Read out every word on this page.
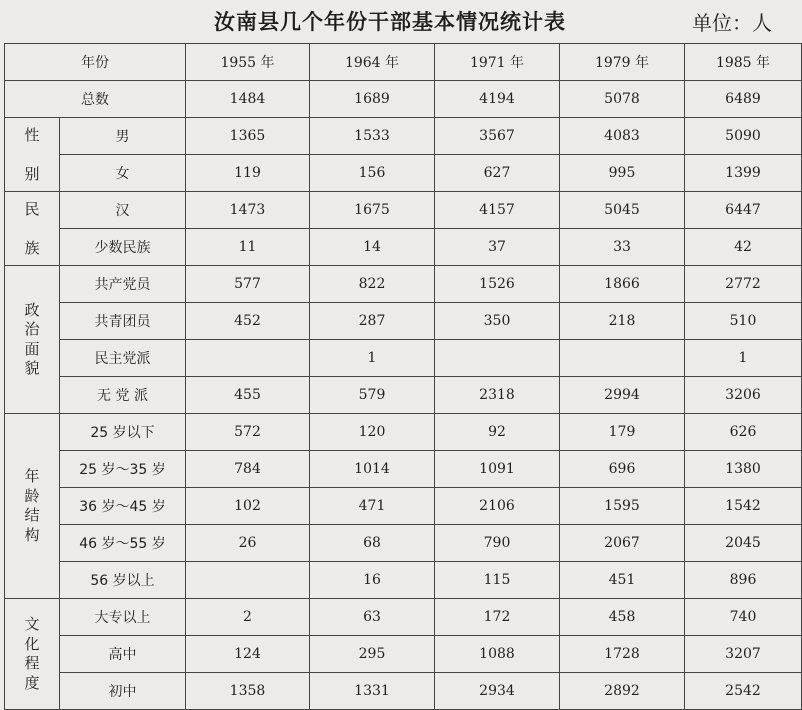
汝南县几个年份干部基本情况统计表	单位：人
年份		1955 年	1964 年	1971 年	1979 年	1985 年
总数		1484	1689	4194	5078	6489

性
别	男	1365	1533	3567	4083	5090
	女	119	156	627	995	1399

民
族	汉	1473	1675	4157	5045	6447
	少数民族	11	14	37	33	42

政
治
面
貌	共产党员	577	822	1526	1866	2772
	共青团员	452	287	350	218	510
	民主党派		1			1
	无 党 派	455	579	2318	2994	3206

年
龄
结
构	25 岁以下	572	120	92	179	626
	25 岁～35 岁	784	1014	1091	696	1380
	36 岁～45 岁	102	471	2106	1595	1542
	46 岁～55 岁	26	68	790	2067	2045
	56 岁以上		16	115	451	896

文
化
程
度	大专以上	2	63	172	458	740
	高中	124	295	1088	1728	3207
	初中	1358	1331	2934	2892	2542
